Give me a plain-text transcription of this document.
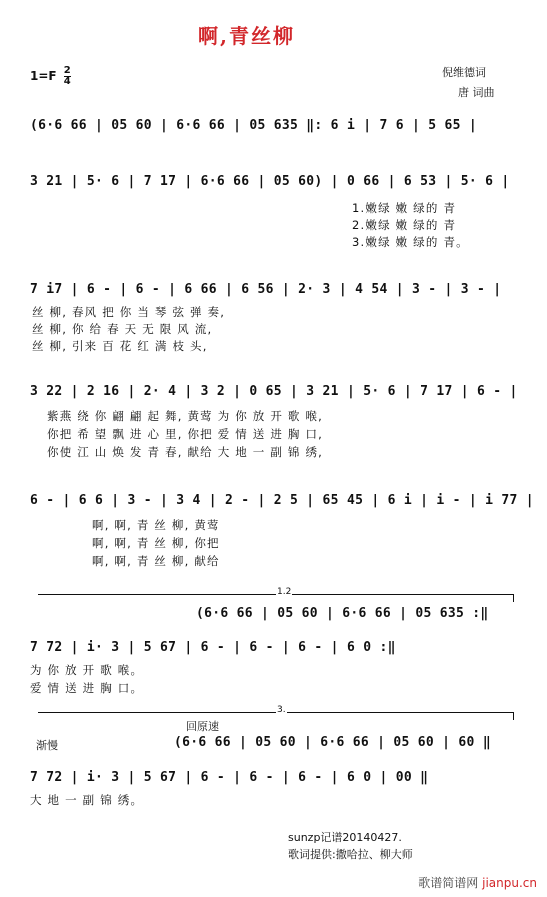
啊,青丝柳
$1=F \frac{2}{4}$	倪维德词
唐 词曲
(6·6 66 | 05 60 | 6·6 66 | 05 635 ‖: 6 i | 7 6 | 5 65 |
3 21 | 5· 6 | 7 17 | 6·6 66 | 05 60) | 0 66 | 6 53 | 5· 6 |
1.嫩绿 嫩 绿的 青
2.嫩绿 嫩 绿的 青
3.嫩绿 嫩 绿的 青。
7 i7 | 6 - | 6 - | 6 66 | 6 56 | 2· 3 | 4 54 | 3 - | 3 - |
丝 柳, 春风 把 你 当 琴 弦 弹 奏,
丝 柳, 你 给 春 天 无 限 风 流,
丝 柳, 引来 百 花 红 满 枝 头,
3 22 | 2 16 | 2· 4 | 3 2 | 0 65 | 3 21 | 5· 6 | 7 17 | 6 - |
紫燕 绕 你 翩 翩 起 舞, 黄莺 为 你 放 开 歌 喉,
你把 希 望 飘 进 心 里, 你把 爱 情 送 进 胸 口,
你使 江 山 焕 发 青 春, 献给 大 地 一 副 锦 绣,
6 - | 6 6 | 3 - | 3 4 | 2 - | 2 5 | 65 45 | 6 i | i - | i 77 |
啊, 啊, 青 丝 柳, 黄莺
啊, 啊, 青 丝 柳, 你把
啊, 啊, 青 丝 柳, 献给
1.2
(6·6 66 | 05 60 | 6·6 66 | 05 635 :‖
7 72 | i· 3 | 5 67 | 6 - | 6 - | 6 - | 6 0 :‖
为 你 放 开 歌 喉。
爱 情 送 进 胸 口。
3.
回原速
渐慢	(6·6 66 | 05 60 | 6·6 66 | 05 60 | 60 ‖
7 72 | i· 3 | 5 67 | 6 - | 6 - | 6 - | 6 0 | 00 ‖
大 地 一 副 锦 绣。
sunzp记谱20140427.
歌词提供:撒哈拉、柳大师
歌谱简谱网 jianpu.cn
